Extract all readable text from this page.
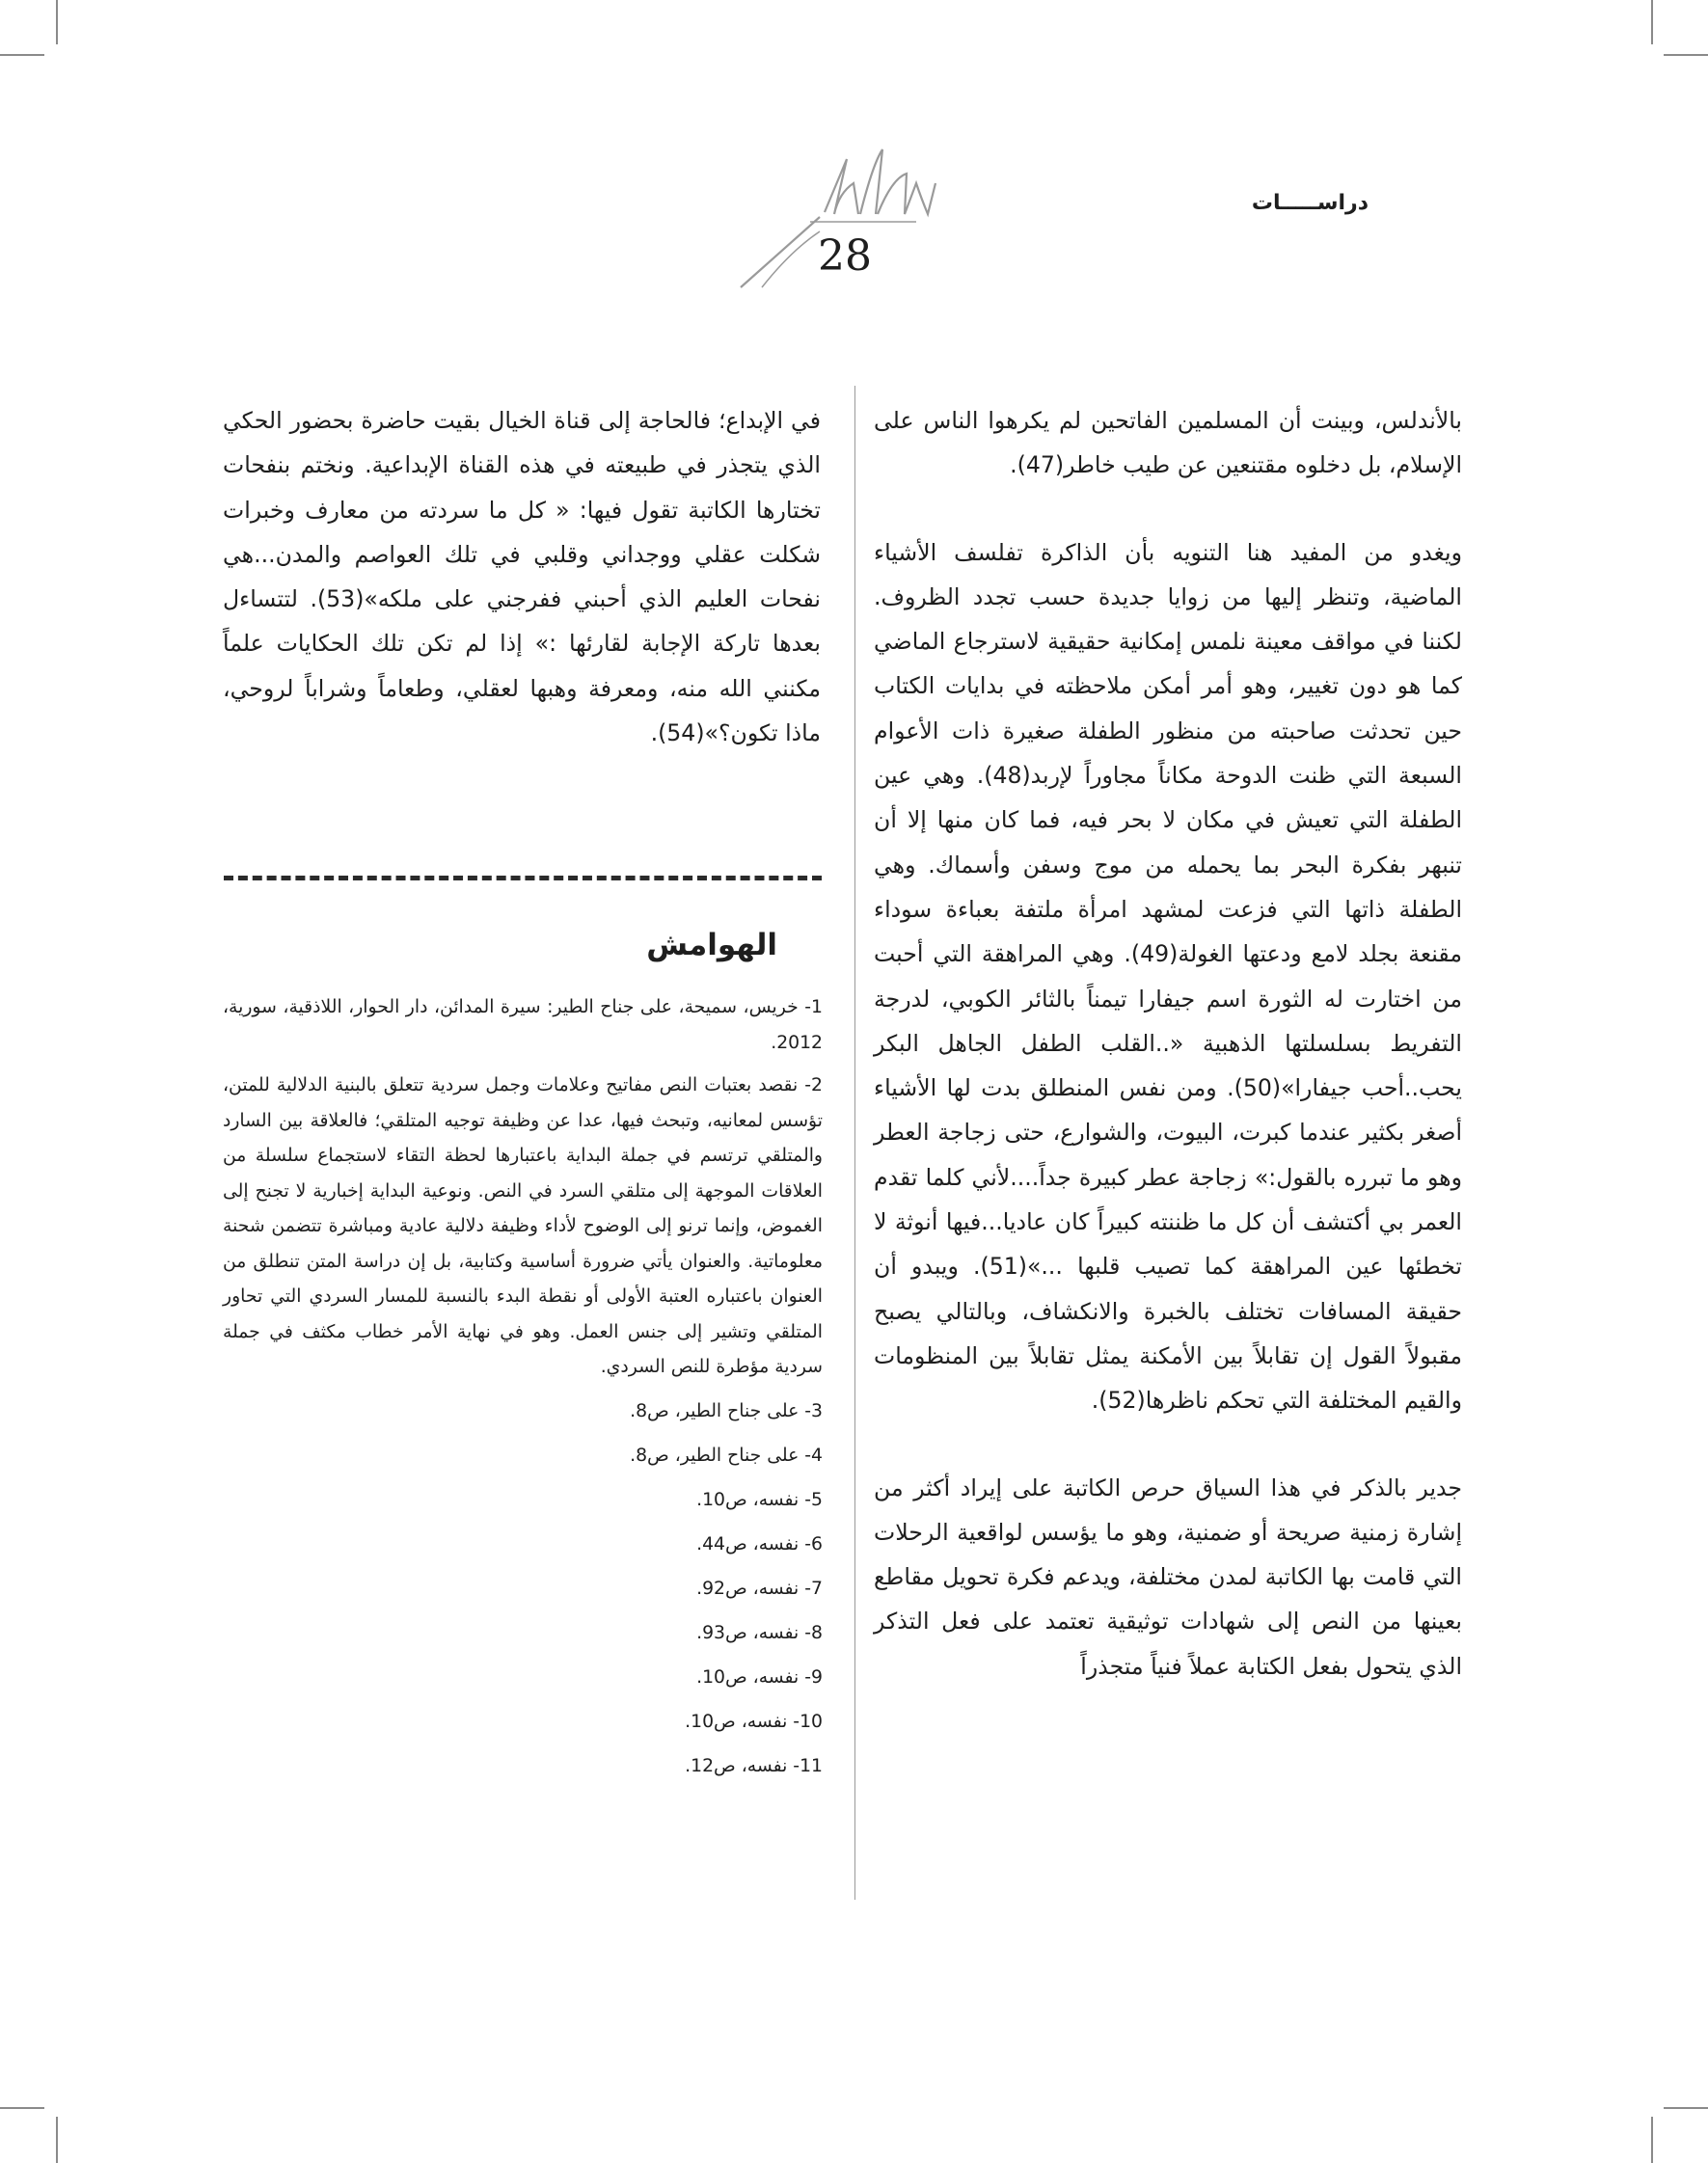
دراســـــات
28

بالأندلس، وبينت أن المسلمين الفاتحين لم يكرهوا الناس على الإسلام، بل دخلوه مقتنعين عن طيب خاطر(47).

ويغدو من المفيد هنا التنويه بأن الذاكرة تفلسف الأشياء الماضية، وتنظر إليها من زوايا جديدة حسب تجدد الظروف. لكننا في مواقف معينة نلمس إمكانية حقيقية لاسترجاع الماضي كما هو دون تغيير، وهو أمر أمكن ملاحظته في بدايات الكتاب حين تحدثت صاحبته من منظور الطفلة صغيرة ذات الأعوام السبعة التي ظنت الدوحة مكاناً مجاوراً لإربد(48). وهي عين الطفلة التي تعيش في مكان لا بحر فيه، فما كان منها إلا أن تنبهر بفكرة البحر بما يحمله من موج وسفن وأسماك. وهي الطفلة ذاتها التي فزعت لمشهد امرأة ملتفة بعباءة سوداء مقنعة بجلد لامع ودعتها الغولة(49). وهي المراهقة التي أحبت من اختارت له الثورة اسم جيفارا تيمناً بالثائر الكوبي، لدرجة التفريط بسلسلتها الذهبية «..القلب الطفل الجاهل البكر يحب..أحب جيفارا»(50). ومن نفس المنطلق بدت لها الأشياء أصغر بكثير عندما كبرت، البيوت، والشوارع، حتى زجاجة العطر وهو ما تبرره بالقول:» زجاجة عطر كبيرة جداً....لأني كلما تقدم العمر بي أكتشف أن كل ما ظننته كبيراً كان عاديا...فيها أنوثة لا تخطئها عين المراهقة كما تصيب قلبها ...»(51). ويبدو أن حقيقة المسافات تختلف بالخبرة والانكشاف، وبالتالي يصبح مقبولاً القول إن تقابلاً بين الأمكنة يمثل تقابلاً بين المنظومات والقيم المختلفة التي تحكم ناظرها(52).

جدير بالذكر في هذا السياق حرص الكاتبة على إيراد أكثر من إشارة زمنية صريحة أو ضمنية، وهو ما يؤسس لواقعية الرحلات التي قامت بها الكاتبة لمدن مختلفة، ويدعم فكرة تحويل مقاطع بعينها من النص إلى شهادات توثيقية تعتمد على فعل التذكر الذي يتحول بفعل الكتابة عملاً فنياً متجذراً

في الإبداع؛ فالحاجة إلى قناة الخيال بقيت حاضرة بحضور الحكي الذي يتجذر في طبيعته في هذه القناة الإبداعية. ونختم بنفحات تختارها الكاتبة تقول فيها: « كل ما سردته من معارف وخبرات شكلت عقلي ووجداني وقلبي في تلك العواصم والمدن...هي نفحات العليم الذي أحبني ففرجني على ملكه»(53). لتتساءل بعدها تاركة الإجابة لقارئها :» إذا لم تكن تلك الحكايات علماً مكنني الله منه، ومعرفة وهبها لعقلي، وطعاماً وشراباً لروحي، ماذا تكون؟»(54).

الهوامش

1- خريس، سميحة، على جناح الطير: سيرة المدائن، دار الحوار، اللاذقية، سورية، 2012.

2- نقصد بعتبات النص مفاتيح وعلامات وجمل سردية تتعلق بالبنية الدلالية للمتن، تؤسس لمعانيه، وتبحث فيها، عدا عن وظيفة توجيه المتلقي؛ فالعلاقة بين السارد والمتلقي ترتسم في جملة البداية باعتبارها لحظة التقاء لاستجماع سلسلة من العلاقات الموجهة إلى متلقي السرد في النص. ونوعية البداية إخبارية لا تجنح إلى الغموض، وإنما ترنو إلى الوضوح لأداء وظيفة دلالية عادية ومباشرة تتضمن شحنة معلوماتية. والعنوان يأتي ضرورة أساسية وكتابية، بل إن دراسة المتن تنطلق من العنوان باعتباره العتبة الأولى أو نقطة البدء بالنسبة للمسار السردي التي تحاور المتلقي وتشير إلى جنس العمل. وهو في نهاية الأمر خطاب مكثف في جملة سردية مؤطرة للنص السردي.

3- على جناح الطير، ص8.

4- على جناح الطير، ص8.

5- نفسه، ص10.

6- نفسه، ص44.

7- نفسه، ص92.

8- نفسه، ص93.

9- نفسه، ص10.

10- نفسه، ص10.

11- نفسه، ص12.
